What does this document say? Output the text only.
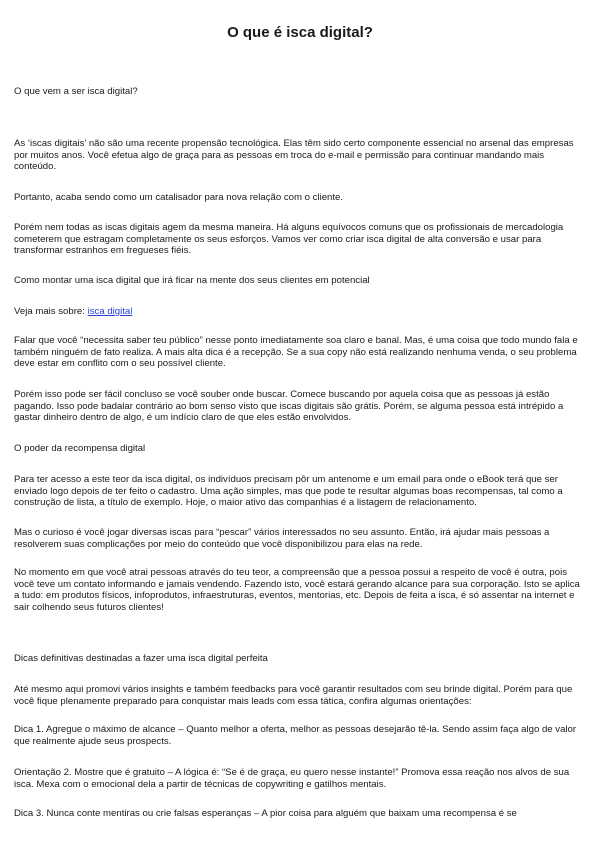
O que é isca digital?

O que vem a ser isca digital?

As ‘iscas digitais’ não são uma recente propensão tecnológica. Elas têm sido certo componente essencial no arsenal das empresas por muitos anos. Você efetua algo de graça para as pessoas em troca do e-mail e permissão para continuar mandando mais conteúdo.

Portanto, acaba sendo como um catalisador para nova relação com o cliente.

Porém nem todas as iscas digitais agem da mesma maneira. Há alguns equívocos comuns que os profissionais de mercadologia cometerem que estragam completamente os seus esforços. Vamos ver como criar isca digital de alta conversão e usar para transformar estranhos em fregueses fiéis.

Como montar uma isca digital que irá ficar na mente dos seus clientes em potencial

Veja mais sobre: isca digital

Falar que você “necessita saber teu público” nesse ponto imediatamente soa claro e banal. Mas, é uma coisa que todo mundo fala e também ninguém de fato realiza. A mais alta dica é a recepção. Se a sua copy não está realizando nenhuma venda, o seu problema deve estar em conflito com o seu possível cliente.

Porém isso pode ser fácil concluso se você souber onde buscar. Comece buscando por aquela coisa que as pessoas já estão pagando. Isso pode badalar contrário ao bom senso visto que iscas digitais são grátis. Porém, se alguma pessoa está intrépido a gastar dinheiro dentro de algo, é um indício claro de que eles estão envolvidos.

O poder da recompensa digital

Para ter acesso a este teor da isca digital, os indivíduos precisam pôr um antenome e um email para onde o eBook terá que ser enviado logo depois de ter feito o cadastro. Uma ação simples, mas que pode te resultar algumas boas recompensas, tal como a construção de lista, a título de exemplo. Hoje, o maior ativo das companhias é a listagem de relacionamento.

Mas o curioso é você jogar diversas iscas para “pescar” vários interessados no seu assunto. Então, irá ajudar mais pessoas a resolverem suas complicações por meio do conteúdo que você disponibilizou para elas na rede.

No momento em que você atrai pessoas através do teu teor, a compreensão que a pessoa possui a respeito de você é outra, pois você teve um contato informando e jamais vendendo. Fazendo isto, você estará gerando alcance para sua corporação. Isto se aplica a tudo: em produtos físicos, infoprodutos, infraestruturas, eventos, mentorias, etc. Depois de feita a isca, é só assentar na internet e sair colhendo seus futuros clientes!

Dicas definitivas destinadas a fazer uma isca digital perfeita

Até mesmo aqui promovi vários insights e também feedbacks para você garantir resultados com seu brinde digital. Porém para que você fique plenamente preparado para conquistar mais leads com essa tática, confira algumas orientações:

Dica 1. Agregue o máximo de alcance – Quanto melhor a oferta, melhor as pessoas desejarão tê-la. Sendo assim faça algo de valor que realmente ajude seus prospects.

Orientação 2. Mostre que é gratuito – A lógica é: “Se é de graça, eu quero nesse instante!” Promova essa reação nos alvos de sua isca. Mexa com o emocional dela a partir de técnicas de copywriting e gatilhos mentais.

Dica 3. Nunca conte mentiras ou crie falsas esperanças – A pior coisa para alguém que baixam uma recompensa é se
